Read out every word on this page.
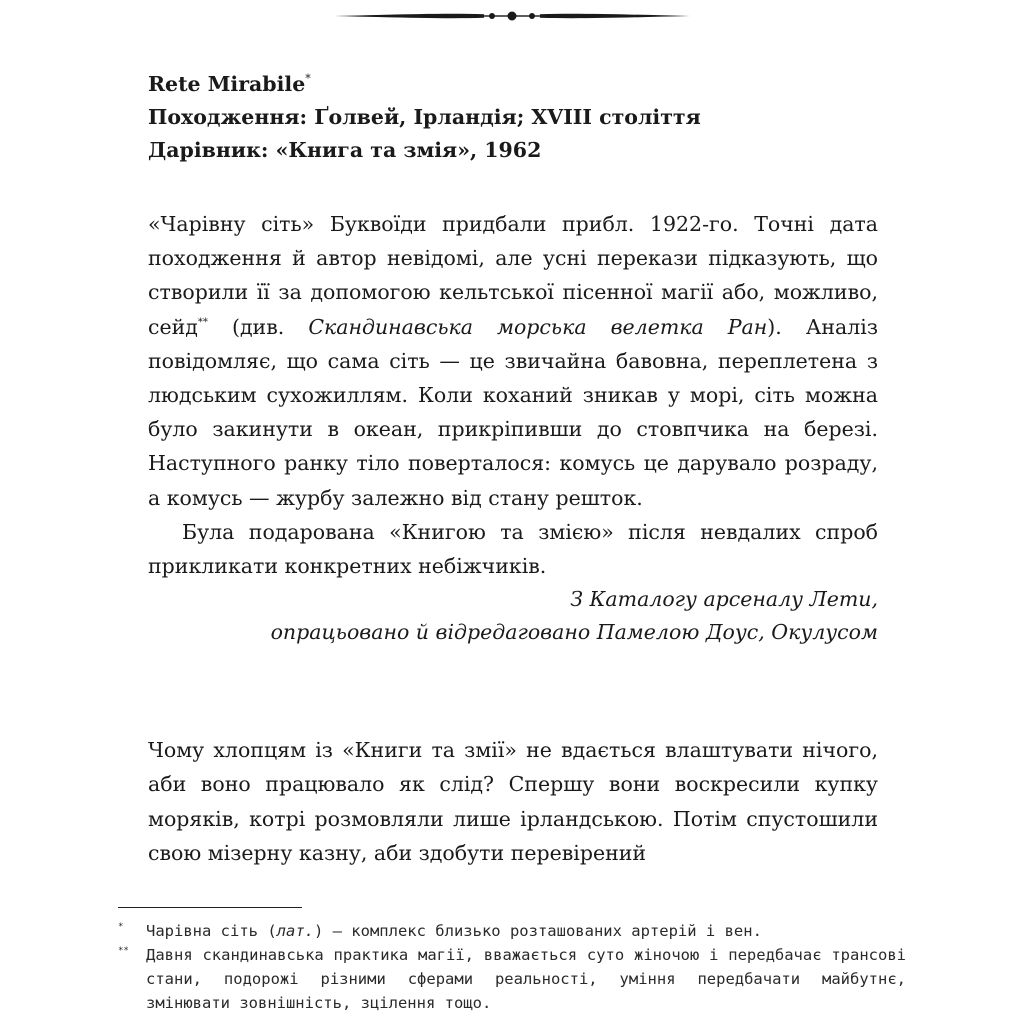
Rete Mirabile*

Походження: Ґолвей, Ірландія; XVIII століття

Дарівник: «Книга та змія», 1962

«Чарівну сіть» Буквоїди придбали прибл. 1922-го. Точні дата походження й автор невідомі, але усні перекази підказують, що створили її за допомогою кельтської пісенної магії або, можливо, сейд** (див. Скандинавська морська велетка Ран). Аналіз повідомляє, що сама сіть — це звичайна бавовна, переплетена з людським сухожиллям. Коли коханий зникав у морі, сіть можна було закинути в океан, прикріпивши до стовпчика на березі. Наступного ранку тіло поверталося: комусь це дарувало розраду, а комусь — журбу залежно від стану решток.

Була подарована «Книгою та змією» після невдалих спроб прикликати конкретних небіжчиків.

З Каталогу арсеналу Лети,

опрацьовано й відредаговано Памелою Доус, Окулусом

Чому хлопцям із «Книги та змії» не вдається влаштувати нічого, аби воно працювало як слід? Спершу вони воскресили купку моряків, котрі розмовляли лише ірландською. Потім спустошили свою мізерну казну, аби здобути перевірений

* Чарівна сіть (лат.) — комплекс близько розташованих артерій і вен.

** Давня скандинавська практика магії, вважається суто жіночою і передбачає трансові стани, подорожі різними сферами реальності, уміння передбачати майбутнє, змінювати зовнішність, зцілення тощо.
